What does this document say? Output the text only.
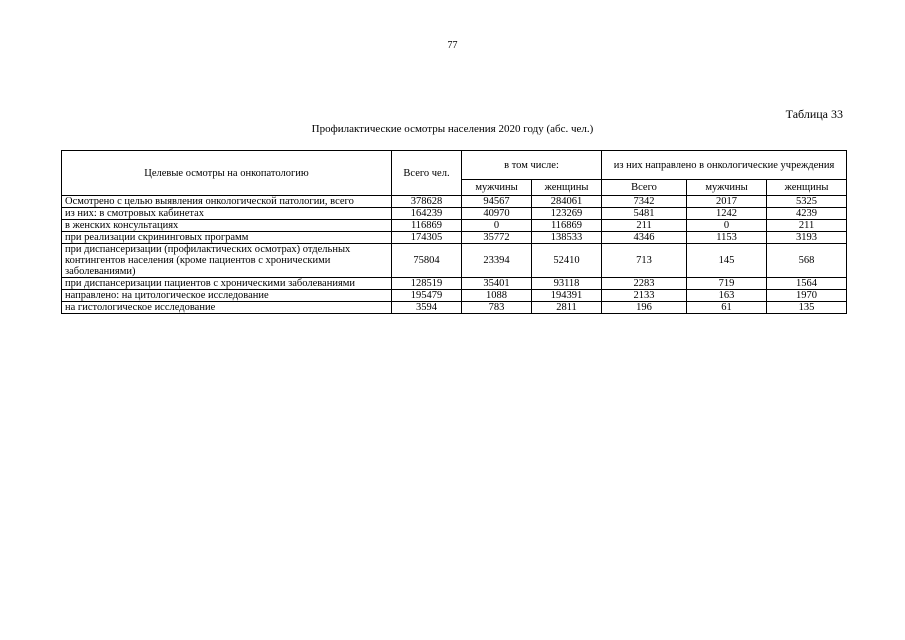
77
Таблица 33
Профилактические осмотры населения 2020 году (абс. чел.)
Целевые осмотры на онкопатологию	Всего чел.	в том числе:		из них направлено в онкологические учреждения		
		мужчины	женщины	Всего	мужчины	женщины
Осмотрено с целью выявления онкологической патологии, всего	378628	94567	284061	7342	2017	5325
из них: в смотровых кабинетах	164239	40970	123269	5481	1242	4239
в женских консультациях	116869	0	116869	211	0	211
при реализации скрининговых программ	174305	35772	138533	4346	1153	3193
при диспансеризации (профилактических осмотрах) отдельных контингентов населения (кроме пациентов с хроническими заболеваниями)	75804	23394	52410	713	145	568
при диспансеризации пациентов с хроническими заболеваниями	128519	35401	93118	2283	719	1564
направлено: на цитологическое исследование	195479	1088	194391	2133	163	1970
на гистологическое исследование	3594	783	2811	196	61	135
